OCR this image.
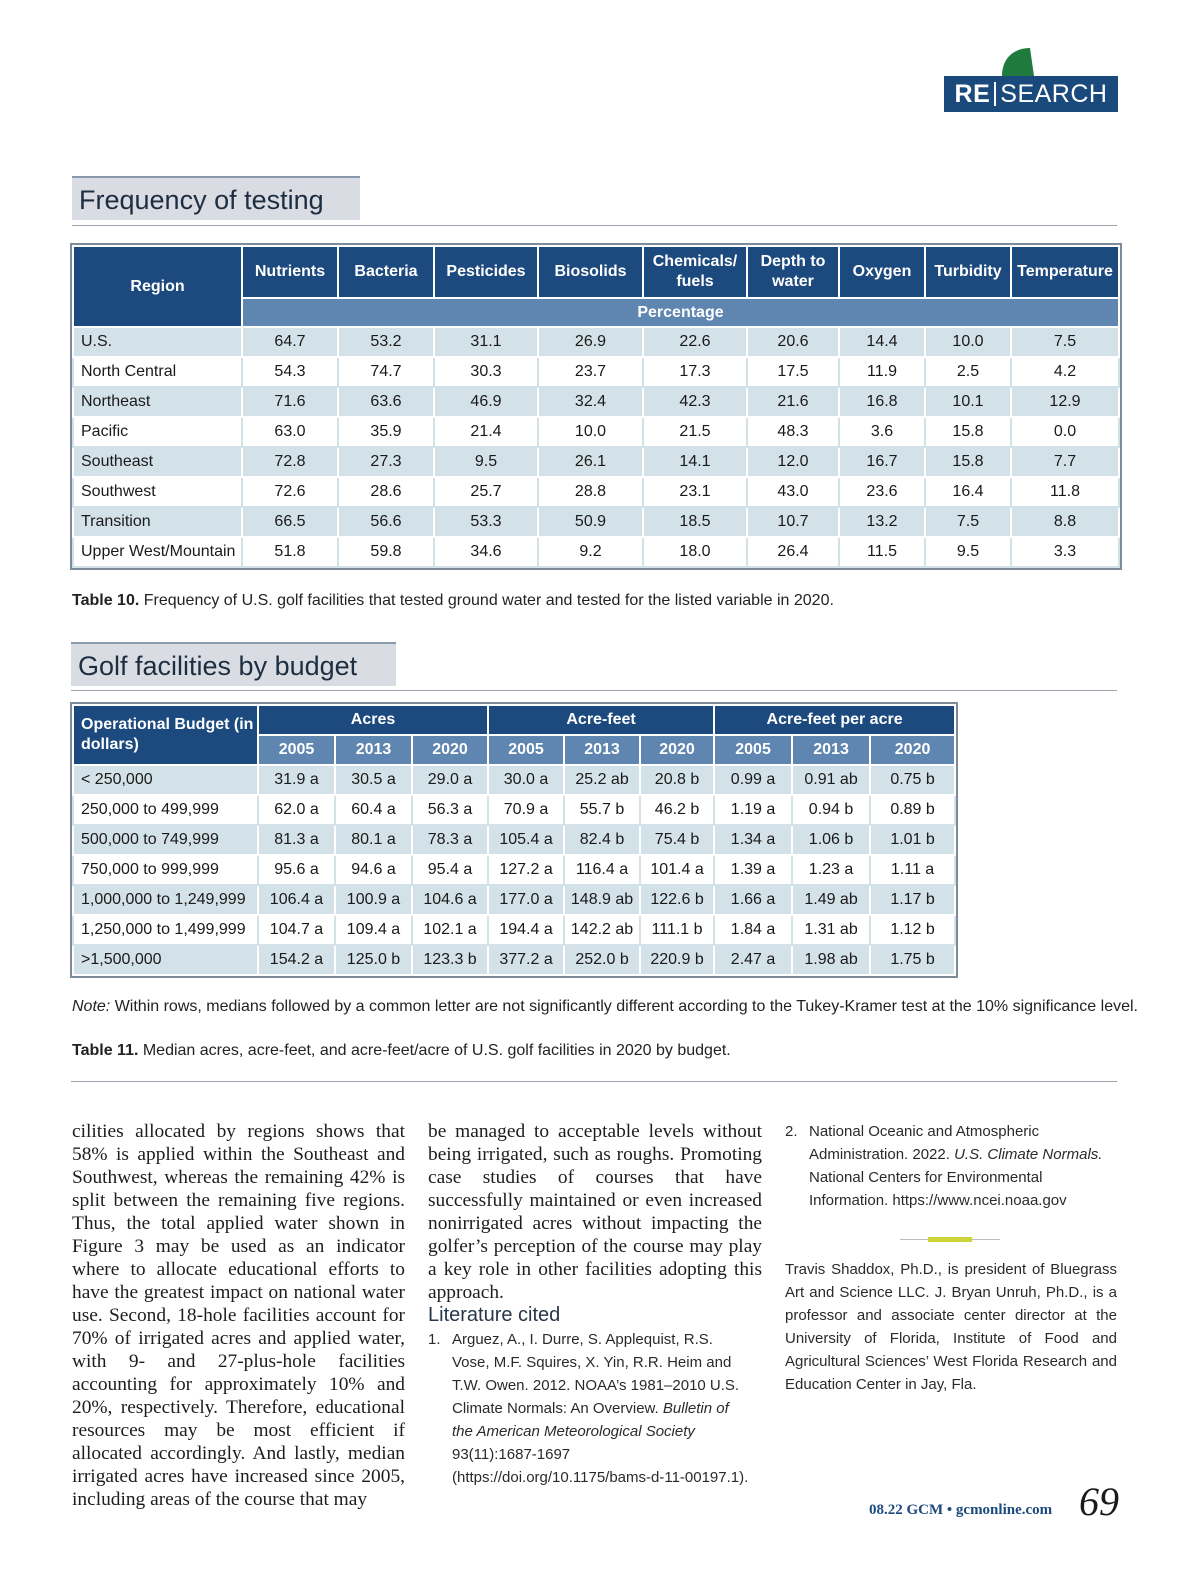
RE SEARCH
Frequency of testing
Region	Nutrients	Bacteria	Pesticides	Biosolids	Chemicals/ fuels	Depth to water	Oxygen	Turbidity	Temperature
	Percentage								
U.S.	64.7	53.2	31.1	26.9	22.6	20.6	14.4	10.0	7.5
North Central	54.3	74.7	30.3	23.7	17.3	17.5	11.9	2.5	4.2
Northeast	71.6	63.6	46.9	32.4	42.3	21.6	16.8	10.1	12.9
Pacific	63.0	35.9	21.4	10.0	21.5	48.3	3.6	15.8	0.0
Southeast	72.8	27.3	9.5	26.1	14.1	12.0	16.7	15.8	7.7
Southwest	72.6	28.6	25.7	28.8	23.1	43.0	23.6	16.4	11.8
Transition	66.5	56.6	53.3	50.9	18.5	10.7	13.2	7.5	8.8
Upper West/Mountain	51.8	59.8	34.6	9.2	18.0	26.4	11.5	9.5	3.3
Table 10. Frequency of U.S. golf facilities that tested ground water and tested for the listed variable in 2020.
Golf facilities by budget
Operational Budget (in dollars)	Acres			Acre-feet			Acre-feet per acre		
	2005	2013	2020	2005	2013	2020	2005	2013	2020
< 250,000	31.9 a	30.5 a	29.0 a	30.0 a	25.2 ab	20.8 b	0.99 a	0.91 ab	0.75 b
250,000 to 499,999	62.0 a	60.4 a	56.3 a	70.9 a	55.7 b	46.2 b	1.19 a	0.94 b	0.89 b
500,000 to 749,999	81.3 a	80.1 a	78.3 a	105.4 a	82.4 b	75.4 b	1.34 a	1.06 b	1.01 b
750,000 to 999,999	95.6 a	94.6 a	95.4 a	127.2 a	116.4 a	101.4 a	1.39 a	1.23 a	1.11 a
1,000,000 to 1,249,999	106.4 a	100.9 a	104.6 a	177.0 a	148.9 ab	122.6 b	1.66 a	1.49 ab	1.17 b
1,250,000 to 1,499,999	104.7 a	109.4 a	102.1 a	194.4 a	142.2 ab	111.1 b	1.84 a	1.31 ab	1.12 b
>1,500,000	154.2 a	125.0 b	123.3 b	377.2 a	252.0 b	220.9 b	2.47 a	1.98 ab	1.75 b
Note: Within rows, medians followed by a common letter are not significantly different according to the Tukey-Kramer test at the 10% significance level.
Table 11. Median acres, acre-feet, and acre-feet/acre of U.S. golf facilities in 2020 by budget.
cilities allocated by regions shows that 58% is applied within the Southeast and Southwest, whereas the remaining 42% is split between the remaining five regions. Thus, the total applied water shown in Figure 3 may be used as an indicator where to allocate educational efforts to have the greatest impact on national water use. Second, 18-hole facilities account for 70% of irrigated acres and applied water, with 9- and 27-plus-hole facilities accounting for approximately 10% and 20%, respectively. Therefore, educational resources may be most efficient if allocated accordingly. And lastly, median irrigated acres have increased since 2005, including areas of the course that may
be managed to acceptable levels without being irrigated, such as roughs. Promoting case studies of courses that have successfully maintained or even increased nonirrigated acres without impacting the golfer’s perception of the course may play a key role in other facilities adopting this approach.
Literature cited
1. Arguez, A., I. Durre, S. Applequist, R.S. Vose, M.F. Squires, X. Yin, R.R. Heim and T.W. Owen. 2012. NOAA’s 1981–2010 U.S. Climate Normals: An Overview. Bulletin of the American Meteorological Society 93(11):1687-1697 (https://doi.org/10.1175/bams-d-11-00197.1).
2. National Oceanic and Atmospheric Administration. 2022. U.S. Climate Normals. National Centers for Environmental Information. https://www.ncei.noaa.gov
Travis Shaddox, Ph.D., is president of Bluegrass Art and Science LLC. J. Bryan Unruh, Ph.D., is a professor and associate center director at the University of Florida, Institute of Food and Agricultural Sciences’ West Florida Research and Education Center in Jay, Fla.
08.22 GCM • gcmonline.com 69
